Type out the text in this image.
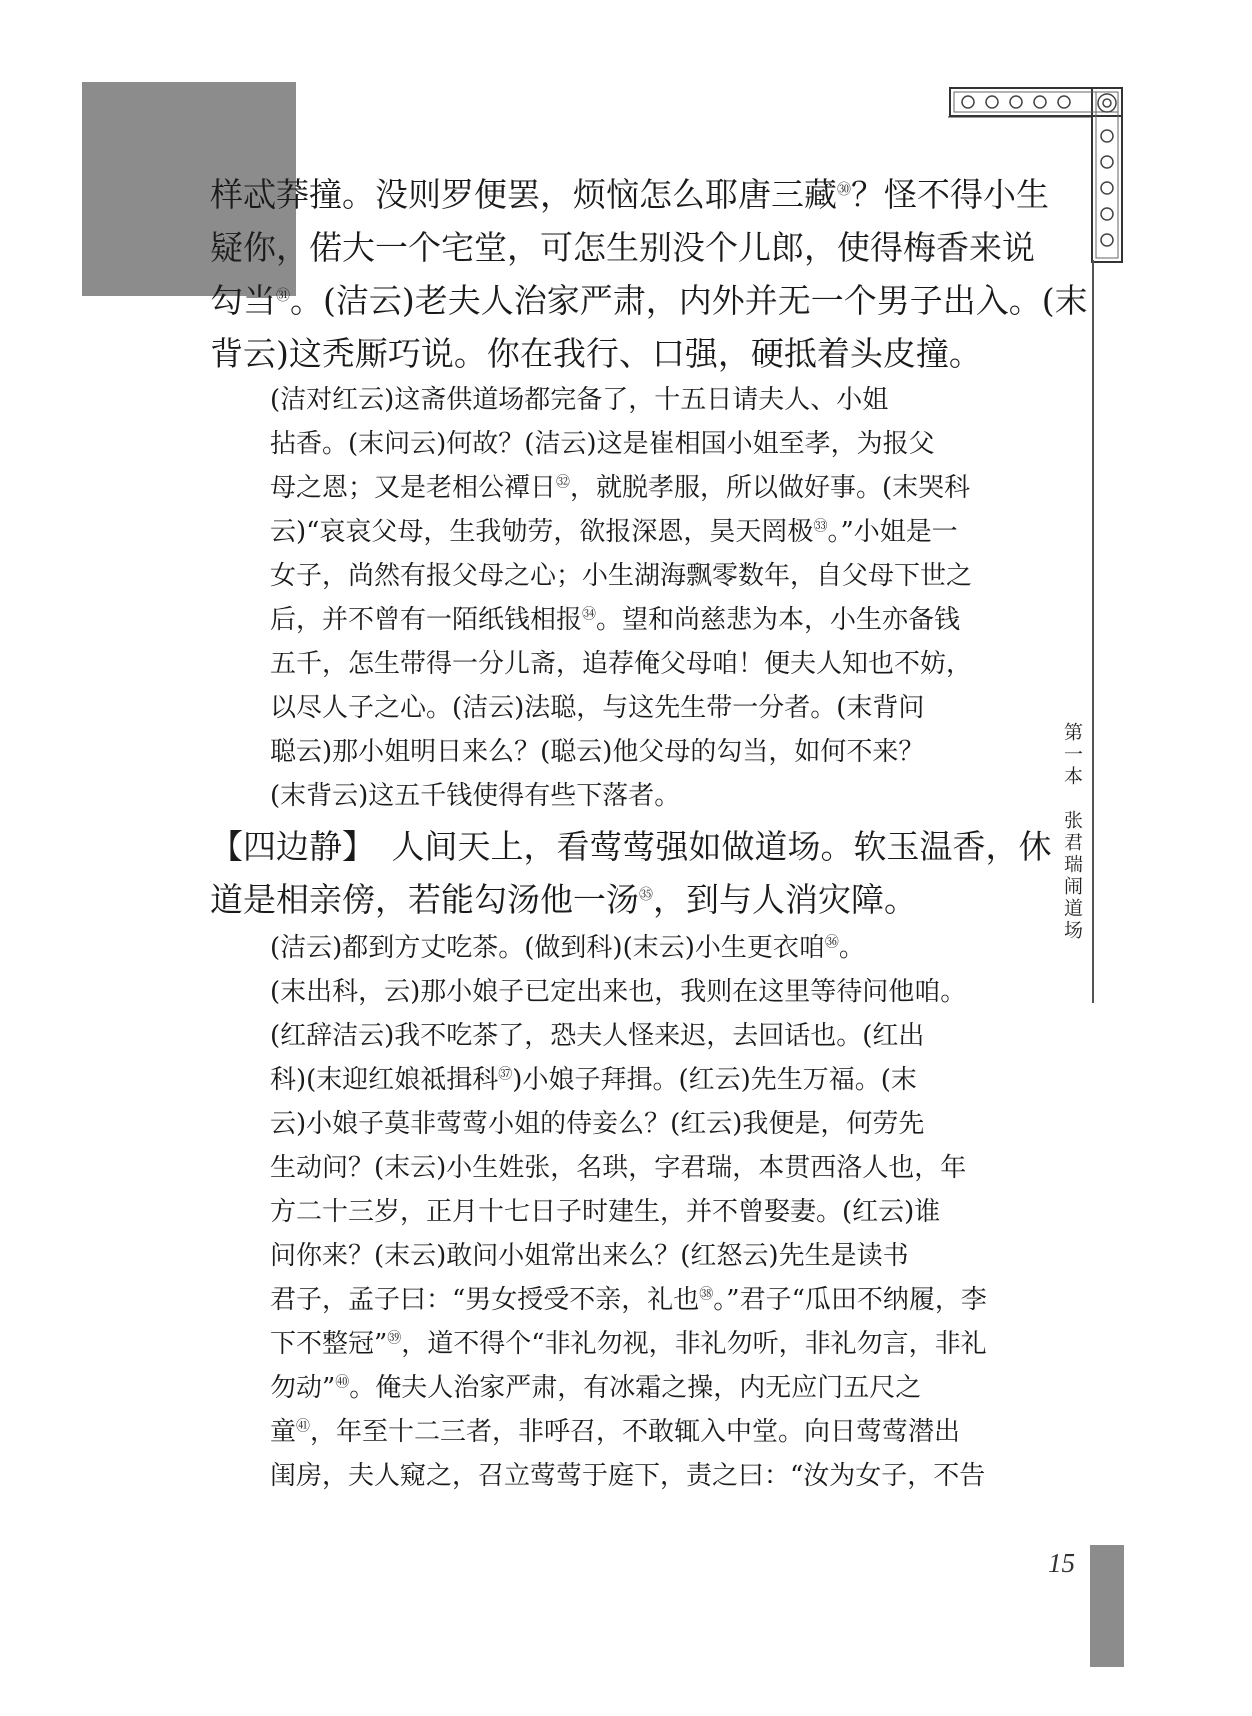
第一本　张君瑞闹道场
样忒莽撞。没则罗便罢，烦恼怎么耶唐三藏$^㉚$？怪不得小生
疑你，偌大一个宅堂，可怎生别没个儿郎，使得梅香来说
勾当$^㉛$。(洁云)老夫人治家严肃，内外并无一个男子出入。(末
背云)这秃厮巧说。你在我行、口强，硬抵着头皮撞。
(洁对红云)这斋供道场都完备了，十五日请夫人、小姐
拈香。(末问云)何故？(洁云)这是崔相国小姐至孝，为报父
母之恩；又是老相公禫日$^㉜$，就脱孝服，所以做好事。(末哭科
云)“哀哀父母，生我劬劳，欲报深恩，昊天罔极$^㉝$。”小姐是一
女子，尚然有报父母之心；小生湖海飘零数年，自父母下世之
后，并不曾有一陌纸钱相报$^㉞$。望和尚慈悲为本，小生亦备钱
五千，怎生带得一分儿斋，追荐俺父母咱！便夫人知也不妨，
以尽人子之心。(洁云)法聪，与这先生带一分者。(末背问
聪云)那小姐明日来么？(聪云)他父母的勾当，如何不来？
(末背云)这五千钱使得有些下落者。
【四边静】　人间天上，看莺莺强如做道场。软玉温香，休
道是相亲傍，若能勾汤他一汤$^㉟$，到与人消灾障。
(洁云)都到方丈吃茶。(做到科)(末云)小生更衣咱$^㊱$。
(末出科，云)那小娘子已定出来也，我则在这里等待问他咱。
(红辞洁云)我不吃茶了，恐夫人怪来迟，去回话也。(红出
科)(末迎红娘祗揖科$^㊲$)小娘子拜揖。(红云)先生万福。(末
云)小娘子莫非莺莺小姐的侍妾么？(红云)我便是，何劳先
生动问？(末云)小生姓张，名珙，字君瑞，本贯西洛人也，年
方二十三岁，正月十七日子时建生，并不曾娶妻。(红云)谁
问你来？(末云)敢问小姐常出来么？(红怒云)先生是读书
君子，孟子曰：“男女授受不亲，礼也$^㊳$。”君子“瓜田不纳履，李
下不整冠”$^㊴$，道不得个“非礼勿视，非礼勿听，非礼勿言，非礼
勿动”$^㊵$。俺夫人治家严肃，有冰霜之操，内无应门五尺之
童$^㊶$，年至十二三者，非呼召，不敢辄入中堂。向日莺莺潜出
闺房，夫人窥之，召立莺莺于庭下，责之曰：“汝为女子，不告
15
